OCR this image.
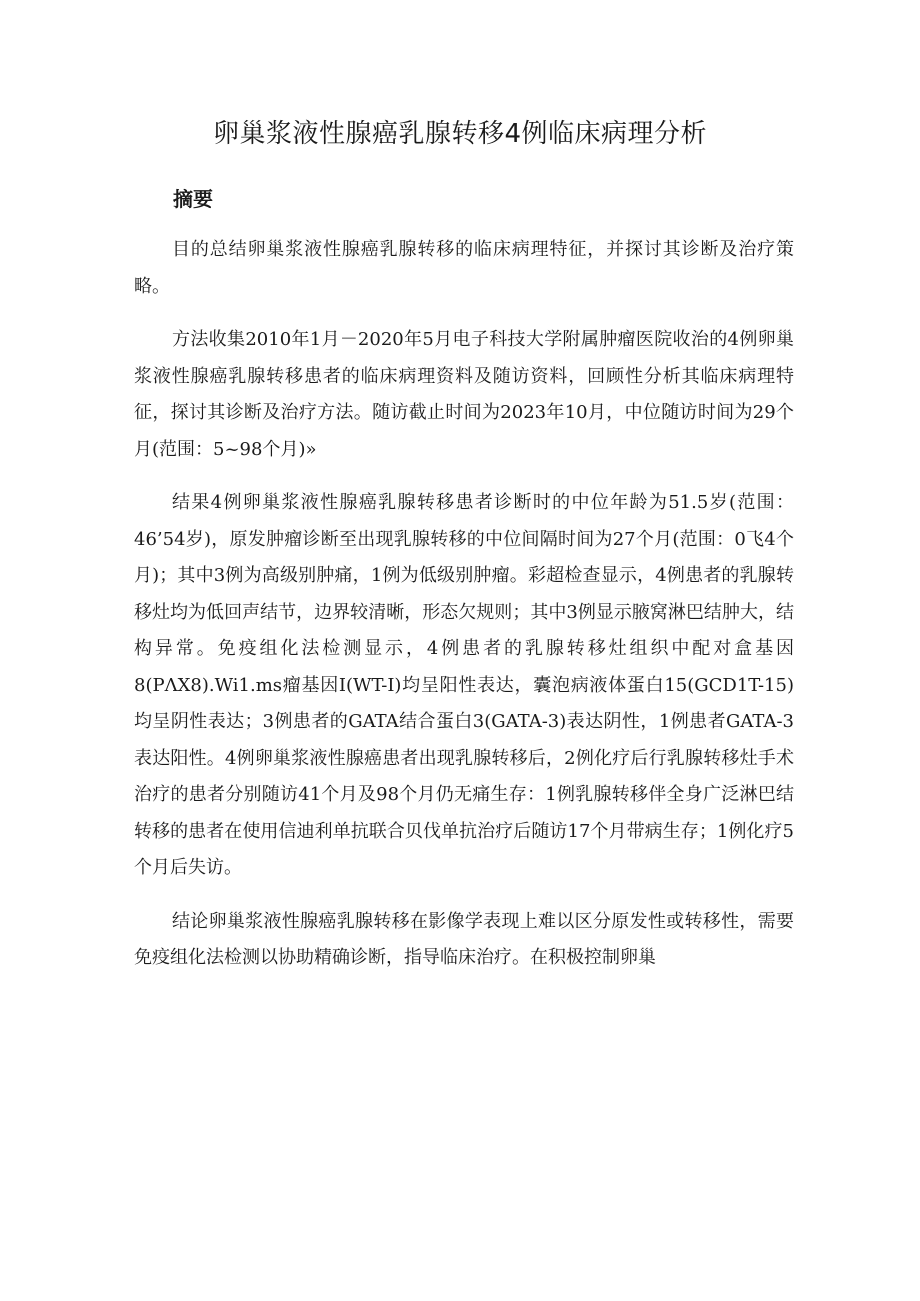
卵巢浆液性腺癌乳腺转移4例临床病理分析
摘要

目的总结卵巢浆液性腺癌乳腺转移的临床病理特征，并探讨其诊断及治疗策略。

方法收集2010年1月－2020年5月电子科技大学附属肿瘤医院收治的4例卵巢浆液性腺癌乳腺转移患者的临床病理资料及随访资料，回顾性分析其临床病理特征，探讨其诊断及治疗方法。随访截止时间为2023年10月，中位随访时间为29个月(范围：5~98个月)»

结果4例卵巢浆液性腺癌乳腺转移患者诊断时的中位年龄为51.5岁(范围：46’54岁)，原发肿瘤诊断至出现乳腺转移的中位间隔时间为27个月(范围：0飞4个月)；其中3例为高级别肿痛，1例为低级别肿瘤。彩超检查显示，4例患者的乳腺转移灶均为低回声结节，边界较清晰，形态欠规则；其中3例显示腋窝淋巴结肿大，结构异常。免疫组化法检测显示，4例患者的乳腺转移灶组织中配对盒基因8(PΛX8).Wi1.ms瘤基因I(WT-I)均呈阳性表达，囊泡病液体蛋白15(GCD1T-15)均呈阴性表达；3例患者的GATA结合蛋白3(GATA-3)表达阴性，1例患者GATA-3表达阳性。4例卵巢浆液性腺癌患者出现乳腺转移后，2例化疗后行乳腺转移灶手术治疗的患者分别随访41个月及98个月仍无痛生存：1例乳腺转移伴全身广泛淋巴结转移的患者在使用信迪利单抗联合贝伐单抗治疗后随访17个月带病生存；1例化疗5个月后失访。

结论卵巢浆液性腺癌乳腺转移在影像学表现上难以区分原发性或转移性，需要免疫组化法检测以协助精确诊断，指导临床治疗。在积极控制卵巢
